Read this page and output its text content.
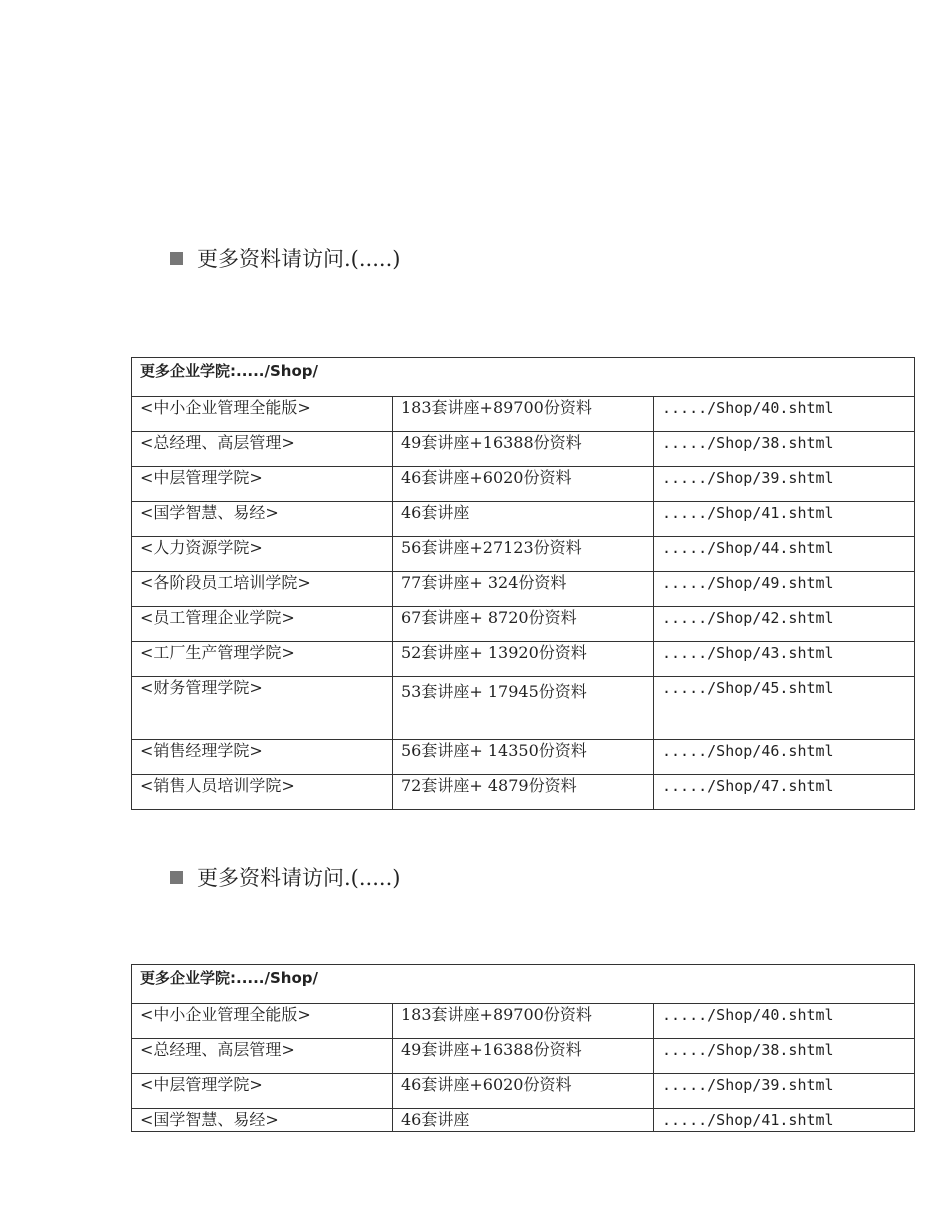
更多资料请访问.(.....)
更多企业学院:...../Shop/		
<中小企业管理全能版>	183套讲座+89700份资料	...../Shop/40.shtml
<总经理、高层管理>	49套讲座+16388份资料	...../Shop/38.shtml
<中层管理学院>	46套讲座+6020份资料	...../Shop/39.shtml
<国学智慧、易经>	46套讲座	...../Shop/41.shtml
<人力资源学院>	56套讲座+27123份资料	...../Shop/44.shtml
<各阶段员工培训学院>	77套讲座+ 324份资料	...../Shop/49.shtml
<员工管理企业学院>	67套讲座+ 8720份资料	...../Shop/42.shtml
<工厂生产管理学院>	52套讲座+ 13920份资料	...../Shop/43.shtml
<财务管理学院>	53套讲座+ 17945份资料	...../Shop/45.shtml
<销售经理学院>	56套讲座+ 14350份资料	...../Shop/46.shtml
<销售人员培训学院>	72套讲座+ 4879份资料	...../Shop/47.shtml
更多资料请访问.(.....)
更多企业学院:...../Shop/		
<中小企业管理全能版>	183套讲座+89700份资料	...../Shop/40.shtml
<总经理、高层管理>	49套讲座+16388份资料	...../Shop/38.shtml
<中层管理学院>	46套讲座+6020份资料	...../Shop/39.shtml
<国学智慧、易经>	46套讲座	...../Shop/41.shtml
